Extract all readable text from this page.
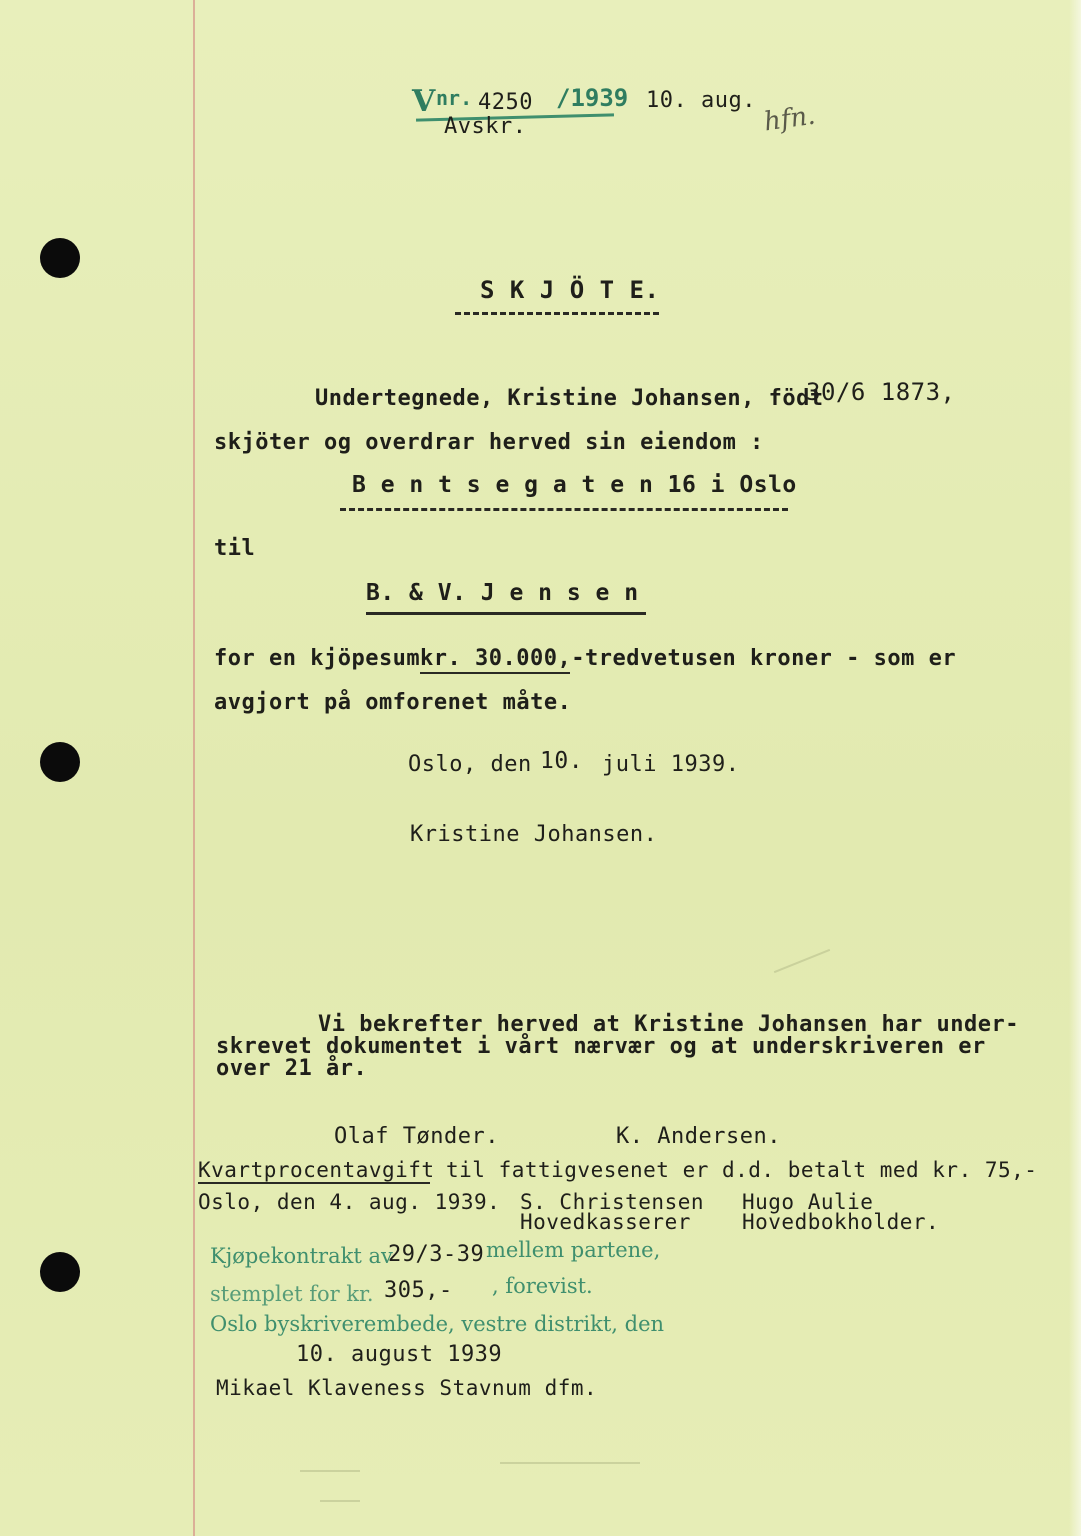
V nr. 4250 /1939 10. aug.
Avskr.	hfn.
S K J Ö T E.
Undertegnede, Kristine Johansen, födt
30/6 1873,
skjöter og overdrar herved sin eiendom :
B e n t s e g a t e n 16 i Oslo
til
B. & V. J e n s e n
for en kjöpesum kr. 30.000,- tredvetusen kroner - som er
avgjort på omforenet måte.
Oslo, den 10. juli 1939.
Kristine Johansen.
Vi bekrefter herved at Kristine Johansen har under-
skrevet dokumentet i vårt nærvær og at underskriveren er
over 21 år.
Olaf Tønder.	K. Andersen.
Kvartprocentavgift til fattigvesenet er d.d. betalt med kr. 75,-
Oslo, den 4. aug. 1939. S. Christensen Hugo Aulie
Hovedkasserer Hovedbokholder.
Kjøpekontrakt av
29/3-39 mellem partene,
stemplet for kr. 305,- , forevist.
Oslo byskriverembede, vestre distrikt, den
10. august 1939
Mikael Klaveness Stavnum dfm.
